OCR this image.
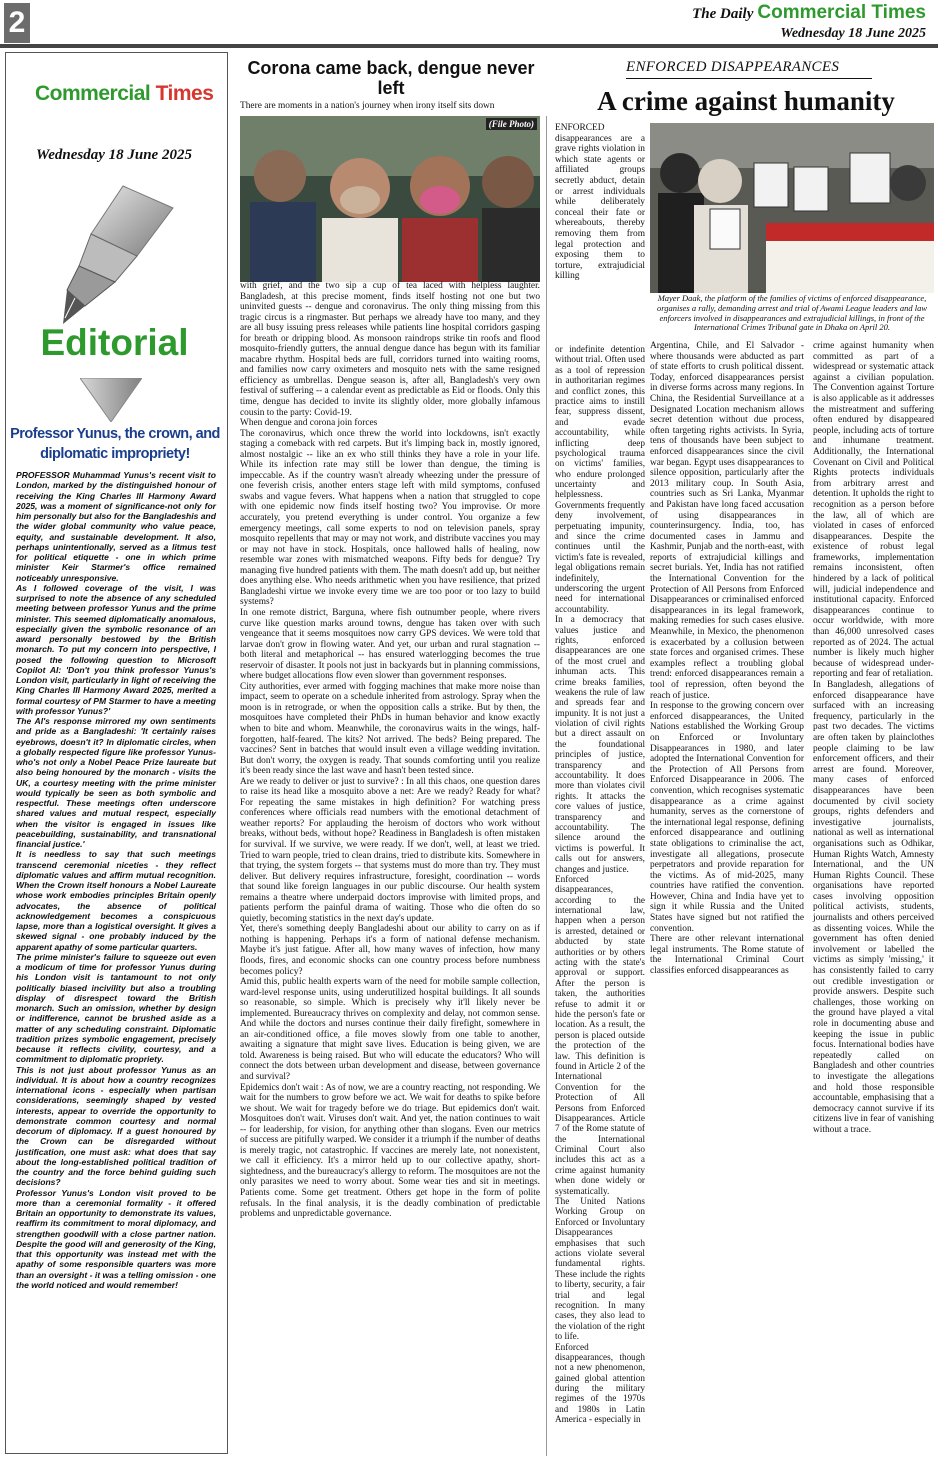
2	The Daily Commercial Times
Wednesday 18 June 2025
Commercial Times
Wednesday 18 June 2025
Editorial
Professor Yunus, the crown, and diplomatic impropriety!

PROFESSOR Muhammad Yunus's recent visit to London, marked by the distinguished honour of receiving the King Charles III Harmony Award 2025, was a moment of significance-not only for him personally but also for the Bangladeshis and the wider global community who value peace, equity, and sustainable development. It also, perhaps unintentionally, served as a litmus test for political etiquette - one in which prime minister Keir Starmer's office remained noticeably unresponsive.

As I followed coverage of the visit, I was surprised to note the absence of any scheduled meeting between professor Yunus and the prime minister. This seemed diplomatically anomalous, especially given the symbolic resonance of an award personally bestowed by the British monarch. To put my concern into perspective, I posed the following question to Microsoft Copilot AI: 'Don't you think professor Yunus's London visit, particularly in light of receiving the King Charles III Harmony Award 2025, merited a formal courtesy of PM Starmer to have a meeting with professor Yunus?'

The AI's response mirrored my own sentiments and pride as a Bangladeshi: 'It certainly raises eyebrows, doesn't it? In diplomatic circles, when a globally respected figure like professor Yunus-who's not only a Nobel Peace Prize laureate but also being honoured by the monarch - visits the UK, a courtesy meeting with the prime minister would typically be seen as both symbolic and respectful. These meetings often underscore shared values and mutual respect, especially when the visitor is engaged in issues like peacebuilding, sustainability, and transnational financial justice.'

It is needless to say that such meetings transcend ceremonial niceties - they reflect diplomatic values and affirm mutual recognition. When the Crown itself honours a Nobel Laureate whose work embodies principles Britain openly advocates, the absence of political acknowledgement becomes a conspicuous lapse, more than a logistical oversight. It gives a skewed signal - one probably induced by the apparent apathy of some particular quarters.

The prime minister's failure to squeeze out even a modicum of time for professor Yunus during his London visit is tantamount to not only politically biased incivility but also a troubling display of disrespect toward the British monarch. Such an omission, whether by design or indifference, cannot be brushed aside as a matter of any scheduling constraint. Diplomatic tradition prizes symbolic engagement, precisely because it reflects civility, courtesy, and a commitment to diplomatic propriety.

This is not just about professor Yunus as an individual. It is about how a country recognizes international icons - especially when partisan considerations, seemingly shaped by vested interests, appear to override the opportunity to demonstrate common courtesy and normal decorum of diplomacy. If a guest honoured by the Crown can be disregarded without justification, one must ask: what does that say about the long-established political tradition of the country and the force behind guiding such decisions?

Professor Yunus's London visit proved to be more than a ceremonial formality - it offered Britain an opportunity to demonstrate its values, reaffirm its commitment to moral diplomacy, and strengthen goodwill with a close partner nation. Despite the good will and generosity of the King, that this opportunity was instead met with the apathy of some responsible quarters was more than an oversight - it was a telling omission - one the world noticed and would remember!

Corona came back, dengue never left
There are moments in a nation's journey when irony itself sits down
(File Photo)

with grief, and the two sip a cup of tea laced with helpless laughter. Bangladesh, at this precise moment, finds itself hosting not one but two uninvited guests -- dengue and coronavirus. The only thing missing from this tragic circus is a ringmaster. But perhaps we already have too many, and they are all busy issuing press releases while patients line hospital corridors gasping for breath or dripping blood. As monsoon raindrops strike tin roofs and flood mosquito-friendly gutters, the annual dengue dance has begun with its familiar macabre rhythm. Hospital beds are full, corridors turned into waiting rooms, and families now carry oximeters and mosquito nets with the same resigned efficiency as umbrellas. Dengue season is, after all, Bangladesh's very own festival of suffering -- a calendar event as predictable as Eid or floods. Only this time, dengue has decided to invite its slightly older, more globally infamous cousin to the party: Covid-19.

When dengue and corona join forces

The coronavirus, which once threw the world into lockdowns, isn't exactly staging a comeback with red carpets. But it's limping back in, mostly ignored, almost nostalgic -- like an ex who still thinks they have a role in your life. While its infection rate may still be lower than dengue, the timing is impeccable. As if the country wasn't already wheezing under the pressure of one feverish crisis, another enters stage left with mild symptoms, confused swabs and vague fevers. What happens when a nation that struggled to cope with one epidemic now finds itself hosting two? You improvise. Or more accurately, you pretend everything is under control. You organize a few emergency meetings, call some experts to nod on television panels, spray mosquito repellents that may or may not work, and distribute vaccines you may or may not have in stock. Hospitals, once hallowed halls of healing, now resemble war zones with mismatched weapons. Fifty beds for dengue? Try managing five hundred patients with them. The math doesn't add up, but neither does anything else. Who needs arithmetic when you have resilience, that prized Bangladeshi virtue we invoke every time we are too poor or too lazy to build systems?

In one remote district, Barguna, where fish outnumber people, where rivers curve like question marks around towns, dengue has taken over with such vengeance that it seems mosquitoes now carry GPS devices. We were told that larvae don't grow in flowing water. And yet, our urban and rural stagnation -- both literal and metaphorical -- has ensured waterlogging becomes the true reservoir of disaster. It pools not just in backyards but in planning commissions, where budget allocations flow even slower than government responses.

City authorities, ever armed with fogging machines that make more noise than impact, seem to operate on a schedule inherited from astrology. Spray when the moon is in retrograde, or when the opposition calls a strike. But by then, the mosquitoes have completed their PhDs in human behavior and know exactly when to bite and whom. Meanwhile, the coronavirus waits in the wings, half-forgotten, half-feared. The kits? Not arrived. The beds? Being prepared. The vaccines? Sent in batches that would insult even a village wedding invitation. But don't worry, the oxygen is ready. That sounds comforting until you realize it's been ready since the last wave and hasn't been tested since.

Are we ready to deliver or just to survive? : In all this chaos, one question dares to raise its head like a mosquito above a net: Are we ready? Ready for what? For repeating the same mistakes in high definition? For watching press conferences where officials read numbers with the emotional detachment of weather reports? For applauding the heroism of doctors who work without breaks, without beds, without hope? Readiness in Bangladesh is often mistaken for survival. If we survive, we were ready. If we don't, well, at least we tried. Tried to warn people, tried to clean drains, tried to distribute kits. Somewhere in that trying, the system forgets -- that systems must do more than try. They must deliver. But delivery requires infrastructure, foresight, coordination -- words that sound like foreign languages in our public discourse. Our health system remains a theatre where underpaid doctors improvise with limited props, and patients perform the painful drama of waiting. Those who die often do so quietly, becoming statistics in the next day's update.

Yet, there's something deeply Bangladeshi about our ability to carry on as if nothing is happening. Perhaps it's a form of national defense mechanism. Maybe it's just fatigue. After all, how many waves of infection, how many floods, fires, and economic shocks can one country process before numbness becomes policy?

Amid this, public health experts warn of the need for mobile sample collection, ward-level response units, using underutilized hospital buildings. It all sounds so reasonable, so simple. Which is precisely why it'll likely never be implemented. Bureaucracy thrives on complexity and delay, not common sense. And while the doctors and nurses continue their daily firefight, somewhere in an air-conditioned office, a file moves slowly from one table to another, awaiting a signature that might save lives. Education is being given, we are told. Awareness is being raised. But who will educate the educators? Who will connect the dots between urban development and disease, between governance and survival?

Epidemics don't wait : As of now, we are a country reacting, not responding. We wait for the numbers to grow before we act. We wait for deaths to spike before we shout. We wait for tragedy before we do triage. But epidemics don't wait. Mosquitoes don't wait. Viruses don't wait. And yet, the nation continues to wait -- for leadership, for vision, for anything other than slogans. Even our metrics of success are pitifully warped. We consider it a triumph if the number of deaths is merely tragic, not catastrophic. If vaccines are merely late, not nonexistent, we call it efficiency. It's a mirror held up to our collective apathy, short-sightedness, and the bureaucracy's allergy to reform. The mosquitoes are not the only parasites we need to worry about. Some wear ties and sit in meetings. Patients come. Some get treatment. Others get hope in the form of polite refusals. In the final analysis, it is the deadly combination of predictable problems and unpredictable governance.

ENFORCED DISAPPEARANCES
A crime against humanity
Mayer Daak, the platform of the families of victims of enforced disappearance, organises a rally, demanding arrest and trial of Awami League leaders and law enforcers involved in disappearances and extrajudicial killings, in front of the International Crimes Tribunal gate in Dhaka on April 20.
ENFORCED disappearances are a grave rights violation in which state agents or affiliated groups secretly abduct, detain or arrest individuals while deliberately conceal their fate or whereabouts, thereby removing them from legal protection and exposing them to torture, extrajudicial killing

or indefinite detention without trial. Often used as a tool of repression in authoritarian regimes and conflict zones, this practice aims to instill fear, suppress dissent, and evade accountability, while inflicting deep psychological trauma on victims' families, who endure prolonged uncertainty and helplessness. Governments frequently deny involvement, perpetuating impunity, and since the crime continues until the victim's fate is revealed, legal obligations remain indefinitely, underscoring the urgent need for international accountability.

In a democracy that values justice and rights, enforced disappearances are one of the most cruel and inhuman acts. This crime breaks families, weakens the rule of law and spreads fear and impunity. It is not just a violation of civil rights but a direct assault on the foundational principles of justice, transparency and accountability. It does more than violates civil rights. It attacks the core values of justice, transparency and accountability. The silence around the victims is powerful. It calls out for answers, changes and justice.

Enforced disappearances, according to the international law, happen when a person is arrested, detained or abducted by state authorities or by others acting with the state's approval or support. After the person is taken, the authorities refuse to admit it or hide the person's fate or location. As a result, the person is placed outside the protection of the law. This definition is found in Article 2 of the International Convention for the Protection of All Persons from Enforced Disappearances. Article 7 of the Rome statute of the International Criminal Court also includes this act as a crime against humanity when done widely or systematically.

The United Nations Working Group on Enforced or Involuntary Disappearances emphasises that such actions violate several fundamental rights. These include the rights to liberty, security, a fair trial and legal recognition. In many cases, they also lead to the violation of the right to life.

Enforced disappearances, though not a new phenomenon, gained global attention during the military regimes of the 1970s and 1980s in Latin America - especially in

Argentina, Chile, and El Salvador - where thousands were abducted as part of state efforts to crush political dissent. Today, enforced disappearances persist in diverse forms across many regions. In China, the Residential Surveillance at a Designated Location mechanism allows secret detention without due process, often targeting rights activists. In Syria, tens of thousands have been subject to enforced disappearances since the civil war began. Egypt uses disappearances to silence opposition, particularly after the 2013 military coup. In South Asia, countries such as Sri Lanka, Myanmar and Pakistan have long faced accusation of using disappearances in counterinsurgency. India, too, has documented cases in Jammu and Kashmir, Punjab and the north-east, with reports of extrajudicial killings and secret burials. Yet, India has not ratified the International Convention for the Protection of All Persons from Enforced Disappearances or criminalised enforced disappearances in its legal framework, making remedies for such cases elusive. Meanwhile, in Mexico, the phenomenon is exacerbated by a collusion between state forces and organised crimes. These examples reflect a troubling global trend: enforced disappearances remain a tool of repression, often beyond the reach of justice.

In response to the growing concern over enforced disappearances, the United Nations established the Working Group on Enforced or Involuntary Disappearances in 1980, and later adopted the International Convention for the Protection of All Persons from Enforced Disappearance in 2006. The convention, which recognises systematic disappearance as a crime against humanity, serves as the cornerstone of the international legal response, defining enforced disappearance and outlining state obligations to criminalise the act, investigate all allegations, prosecute perpetrators and provide reparation for the victims. As of mid-2025, many countries have ratified the convention. However, China and India have yet to sign it while Russia and the United States have signed but not ratified the convention.

There are other relevant international legal instruments. The Rome statute of the International Criminal Court classifies enforced disappearances as

crime against humanity when committed as part of a widespread or systematic attack against a civilian population. The Convention against Torture is also applicable as it addresses the mistreatment and suffering often endured by disappeared people, including acts of torture and inhumane treatment. Additionally, the International Covenant on Civil and Political Rights protects individuals from arbitrary arrest and detention. It upholds the right to recognition as a person before the law, all of which are violated in cases of enforced disappearances. Despite the existence of robust legal frameworks, implementation remains inconsistent, often hindered by a lack of political will, judicial independence and institutional capacity. Enforced disappearances continue to occur worldwide, with more than 46,000 unresolved cases reported as of 2024. The actual number is likely much higher because of widespread under-reporting and fear of retaliation.

In Bangladesh, allegations of enforced disappearance have surfaced with an increasing frequency, particularly in the past two decades. The victims are often taken by plainclothes people claiming to be law enforcement officers, and their arrest are found. Moreover, many cases of enforced disappearances have been documented by civil society groups, rights defenders and investigative journalists, national as well as international organisations such as Odhikar, Human Rights Watch, Amnesty International, and the UN Human Rights Council. These organisations have reported cases involving opposition political activists, students, journalists and others perceived as dissenting voices. While the government has often denied involvement or labelled the victims as simply 'missing,' it has consistently failed to carry out credible investigation or provide answers. Despite such challenges, those working on the ground have played a vital role in documenting abuse and keeping the issue in public focus. International bodies have repeatedly called on Bangladesh and other countries to investigate the allegations and hold those responsible accountable, emphasising that a democracy cannot survive if its citizens live in fear of vanishing without a trace.
